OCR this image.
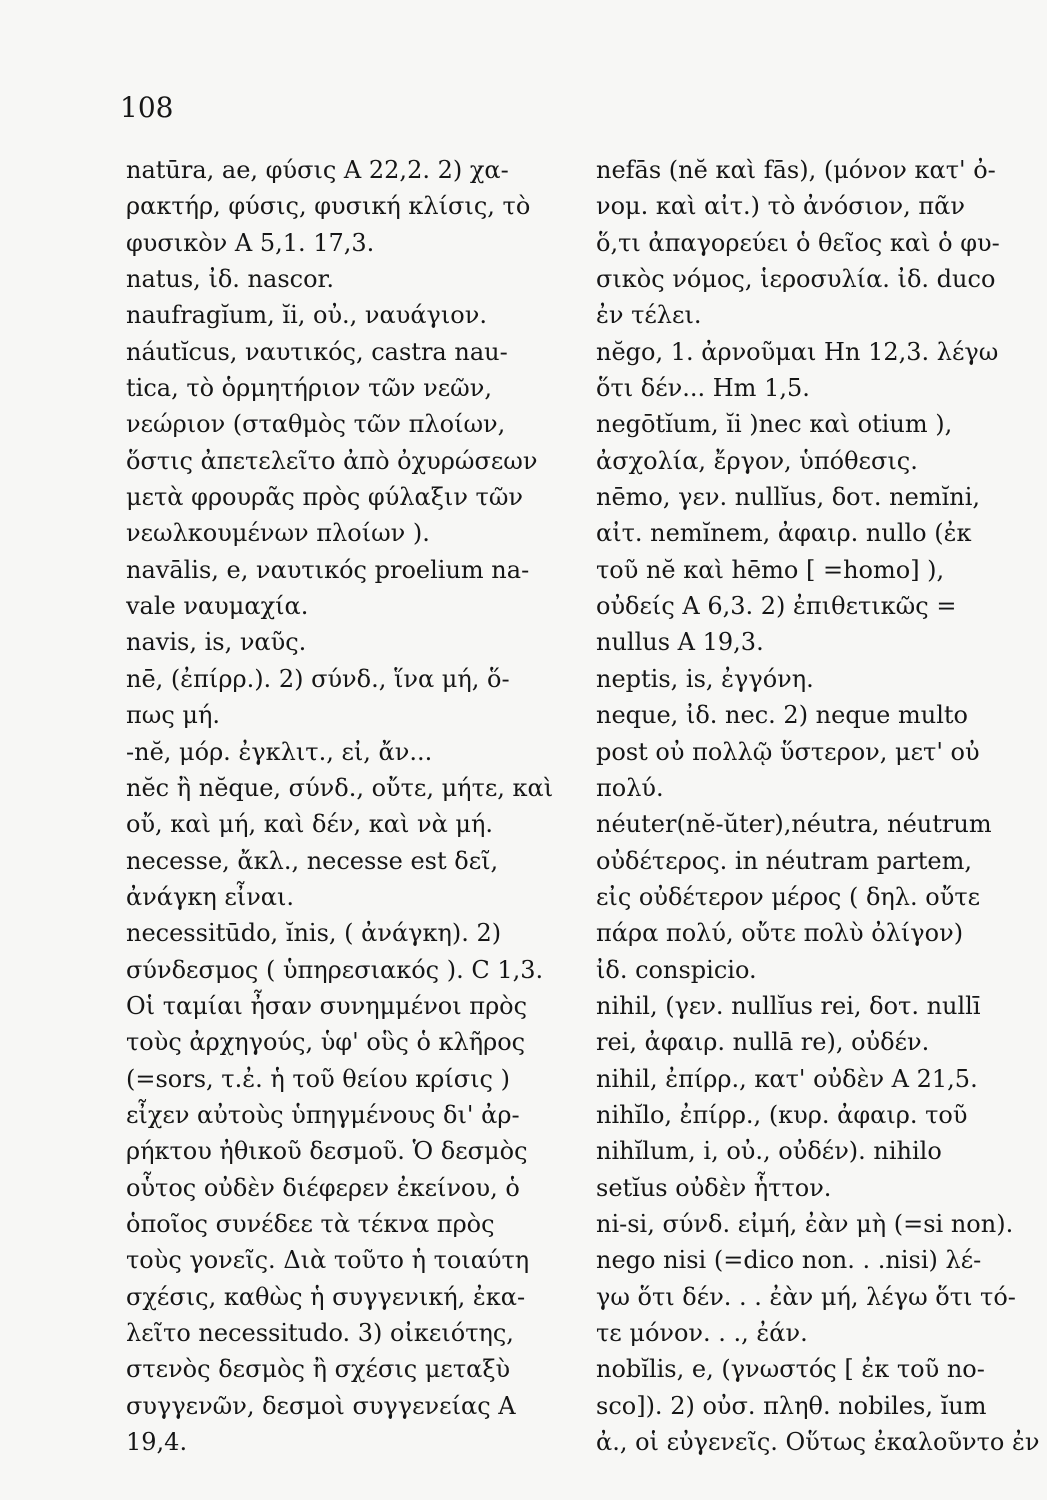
108
natūra, ae, φύσις Α 22,2. 2) χα-
ρακτήρ, φύσις, φυσική κλίσις, τὸ
φυσικὸν Α 5,1. 17,3.
natus, ἰδ. nascor.
naufragĭum, ĭi, οὐ., ναυάγιον.
náutĭcus, ναυτικός, castra nau-
tica, τὸ ὁρμητήριον τῶν νεῶν,
νεώριον (σταθμὸς τῶν πλοίων,
ὅστις ἀπετελεῖτο ἀπὸ ὀχυρώσεων
μετὰ φρουρᾶς πρὸς φύλαξιν τῶν
νεωλκουμένων πλοίων ).
navālis, e, ναυτικός proelium na-
vale ναυμαχία.
navis, is, ναῦς.
nē, (ἐπίρρ.). 2) σύνδ., ἵνα μή, ὅ-
πως μή.
-nĕ, μόρ. ἐγκλιτ., εἰ, ἄν...
nĕc ἢ nĕque, σύνδ., οὔτε, μήτε, καὶ
οὔ, καὶ μή, καὶ δέν, καὶ νὰ μή.
necesse, ἄκλ., necesse est δεῖ,
ἀνάγκη εἶναι.
necessitūdo, ĭnis, ( ἀνάγκη). 2)
σύνδεσμος ( ὑπηρεσιακός ). C 1,3.
Οἱ ταμίαι ἦσαν συνημμένοι πρὸς
τοὺς ἀρχηγούς, ὑφ' οὓς ὁ κλῆρος
(=sors, τ.ἐ. ἡ τοῦ θείου κρίσις )
εἶχεν αὐτοὺς ὑπηγμένους δι' ἀρ-
ρήκτου ἠθικοῦ δεσμοῦ. Ὁ δεσμὸς
οὗτος οὐδὲν διέφερεν ἐκείνου, ὁ
ὁποῖος συνέδεε τὰ τέκνα πρὸς
τοὺς γονεῖς. Διὰ τοῦτο ἡ τοιαύτη
σχέσις, καθὼς ἡ συγγενική, ἐκα-
λεῖτο necessitudo. 3) οἰκειότης,
στενὸς δεσμὸς ἢ σχέσις μεταξὺ
συγγενῶν, δεσμοὶ συγγενείας Α
19,4.
nefās (nĕ καὶ fās), (μόνον κατ' ὀ-
νομ. καὶ αἰτ.) τὸ ἀνόσιον, πᾶν
ὅ,τι ἀπαγορεύει ὁ θεῖος καὶ ὁ φυ-
σικὸς νόμος, ἱεροσυλία. ἰδ. duco
ἐν τέλει.
nĕgo, 1. ἀρνοῦμαι Hn 12,3. λέγω
ὅτι δέν... Hm 1,5.
negōtĭum, ĭi )nec καὶ otium ),
ἀσχολία, ἔργον, ὑπόθεσις.
nēmo, γεν. nullĭus, δοτ. nemĭni,
αἰτ. nemĭnem, ἀφαιρ. nullo (ἐκ
τοῦ nĕ καὶ hēmo [ =homo] ),
οὐδείς Α 6,3. 2) ἐπιθετικῶς =
nullus Α 19,3.
neptis, is, ἐγγόνη.
neque, ἰδ. nec. 2) neque multo
post οὐ πολλῷ ὕστερον, μετ' οὐ
πολύ.
néuter(nĕ-ŭter),néutra, néutrum
οὐδέτερος. in néutram partem,
εἰς οὐδέτερον μέρος ( δηλ. οὔτε
πάρα πολύ, οὔτε πολὺ ὀλίγον)
ἰδ. conspicio.
nihil, (γεν. nullĭus rei, δοτ. nullī
rei, ἀφαιρ. nullā re), οὐδέν.
nihil, ἐπίρρ., κατ' οὐδὲν Α 21,5.
nihĭlo, ἐπίρρ., (κυρ. ἀφαιρ. τοῦ
nihĭlum, i, οὐ., οὐδέν). nihilo
setĭus οὐδὲν ἧττον.
ni-si, σύνδ. εἰμή, ἐὰν μὴ (=si non).
nego nisi (=dico non. . .nisi) λέ-
γω ὅτι δέν. . . ἐὰν μή, λέγω ὅτι τό-
τε μόνον. . ., ἐάν.
nobĭlis, e, (γνωστός [ ἐκ τοῦ no-
sco]). 2) οὐσ. πληθ. nobiles, ĭum
ἀ., οἱ εὐγενεῖς. Οὕτως ἐκαλοῦντο ἐν
